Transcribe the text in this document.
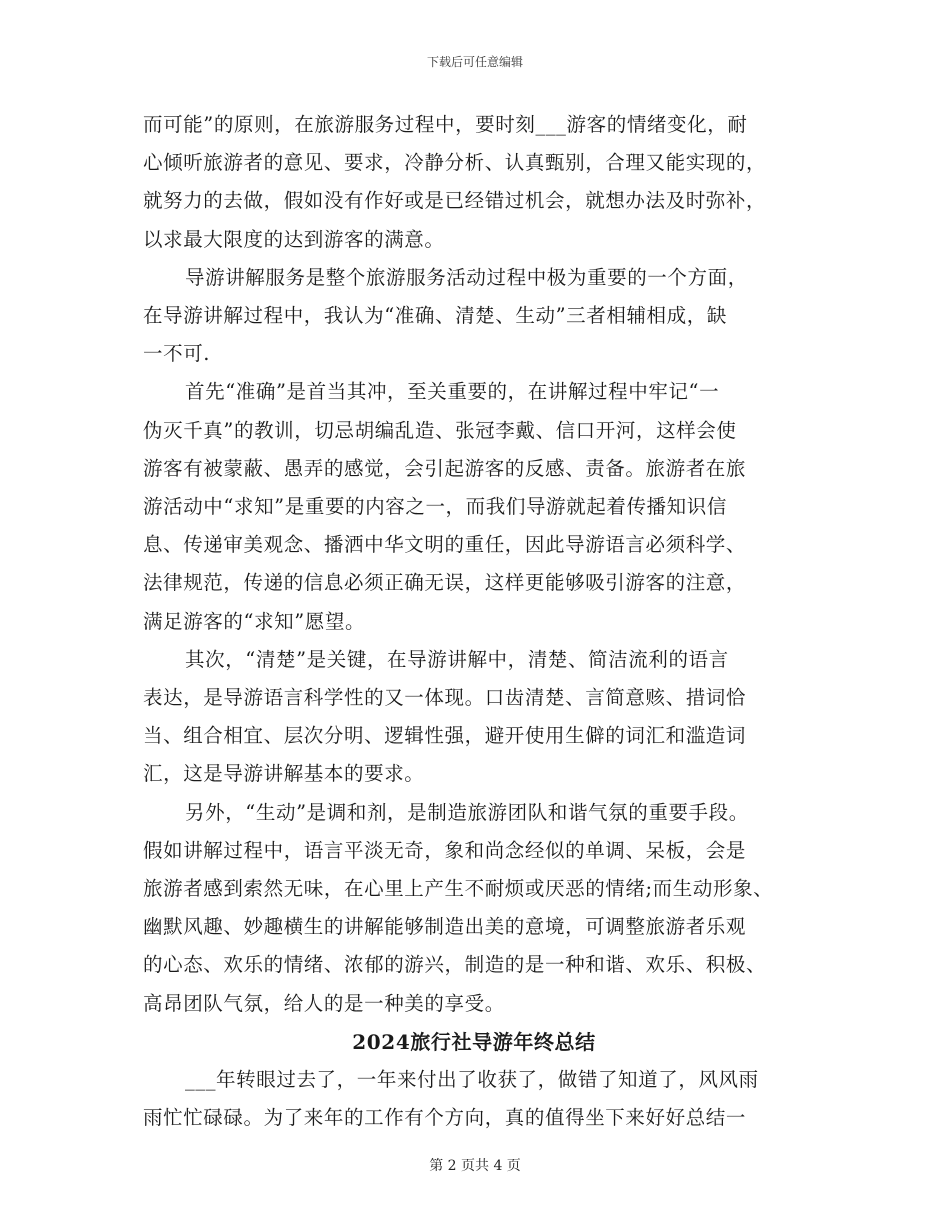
下载后可任意编辑

而可能”的原则，在旅游服务过程中，要时刻___游客的情绪变化，耐
心倾听旅游者的意见、要求，冷静分析、认真甄别，合理又能实现的，
就努力的去做，假如没有作好或是已经错过机会，就想办法及时弥补，
以求最大限度的达到游客的满意。

导游讲解服务是整个旅游服务活动过程中极为重要的一个方面，
在导游讲解过程中，我认为“准确、清楚、生动”三者相辅相成，缺
一不可.

首先“准确”是首当其冲，至关重要的，在讲解过程中牢记“一
伪灭千真”的教训，切忌胡编乱造、张冠李戴、信口开河，这样会使
游客有被蒙蔽、愚弄的感觉，会引起游客的反感、责备。旅游者在旅
游活动中“求知”是重要的内容之一，而我们导游就起着传播知识信
息、传递审美观念、播洒中华文明的重任，因此导游语言必须科学、
法律规范，传递的信息必须正确无误，这样更能够吸引游客的注意，
满足游客的“求知”愿望。

其次，“清楚”是关键，在导游讲解中，清楚、简洁流利的语言
表达，是导游语言科学性的又一体现。口齿清楚、言简意赅、措词恰
当、组合相宜、层次分明、逻辑性强，避开使用生僻的词汇和滥造词
汇，这是导游讲解基本的要求。

另外，“生动”是调和剂，是制造旅游团队和谐气氛的重要手段。
假如讲解过程中，语言平淡无奇，象和尚念经似的单调、呆板，会是
旅游者感到索然无味，在心里上产生不耐烦或厌恶的情绪;而生动形象、
幽默风趣、妙趣横生的讲解能够制造出美的意境，可调整旅游者乐观
的心态、欢乐的情绪、浓郁的游兴，制造的是一种和谐、欢乐、积极、
高昂团队气氛，给人的是一种美的享受。

2024旅行社导游年终总结

___年转眼过去了，一年来付出了收获了，做错了知道了，风风雨
雨忙忙碌碌。为了来年的工作有个方向，真的值得坐下来好好总结一

第 2 页共 4 页
